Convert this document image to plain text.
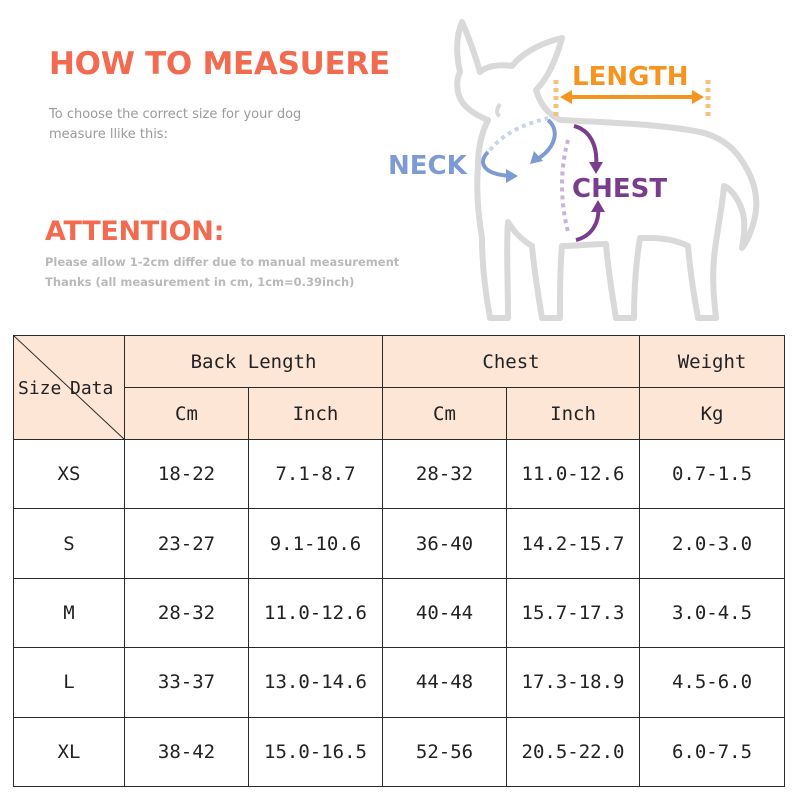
HOW TO MEASUERE
To choose the correct size for your dog
measure llike this:
ATTENTION:
Please allow 1-2cm differ due to manual measurement
Thanks (all measurement in cm, 1cm=0.39inch)
LENGTH
NECK
CHEST
Size Data	Back Length		Chest		Weight
	Cm	Inch	Cm	Inch	Kg
XS	18-22	7.1-8.7	28-32	11.0-12.6	0.7-1.5
S	23-27	9.1-10.6	36-40	14.2-15.7	2.0-3.0
M	28-32	11.0-12.6	40-44	15.7-17.3	3.0-4.5
L	33-37	13.0-14.6	44-48	17.3-18.9	4.5-6.0
XL	38-42	15.0-16.5	52-56	20.5-22.0	6.0-7.5
